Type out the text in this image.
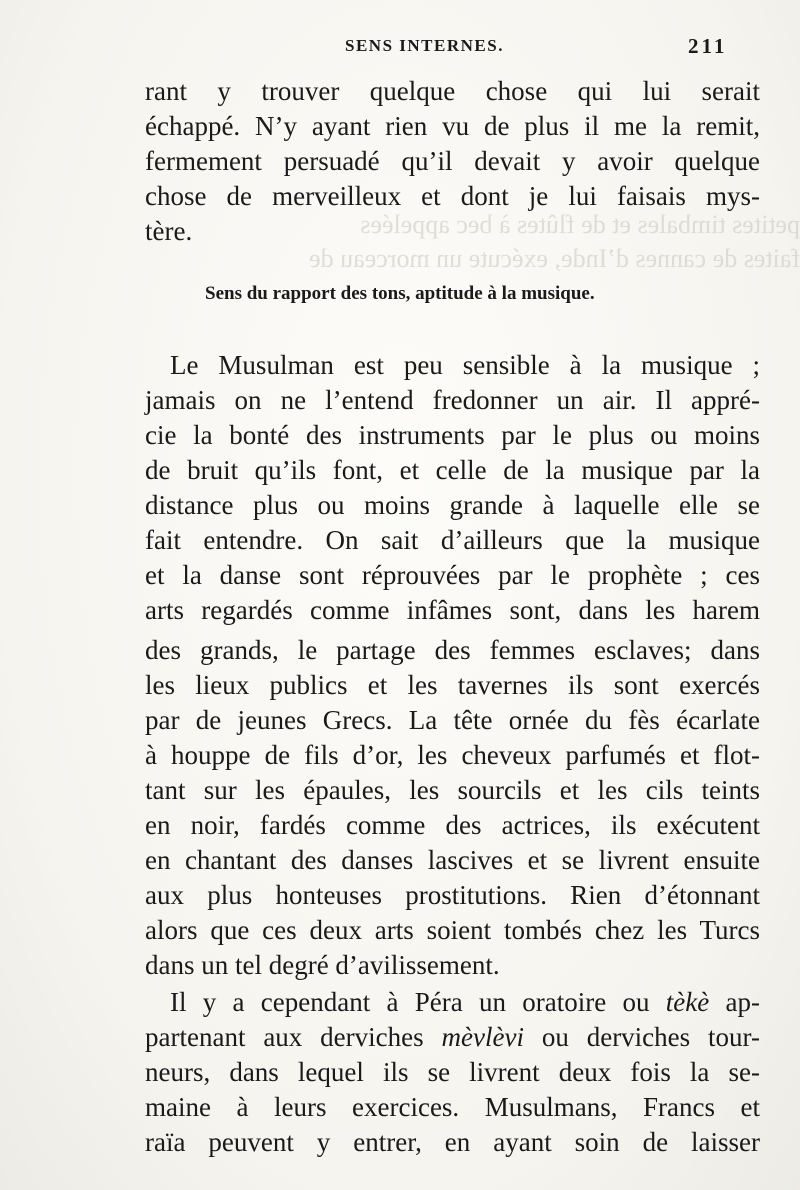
petites timbales et de flûtes à bec appelées
faites de cannes d’Inde, exécute un morceau de
SENS INTERNES.	211
rant y trouver quelque chose qui lui serait
échappé. N’y ayant rien vu de plus il me la remit,
fermement persuadé qu’il devait y avoir quelque
chose de merveilleux et dont je lui faisais mys-
tère.
Sens du rapport des tons, aptitude à la musique.
Le Musulman est peu sensible à la musique ;
jamais on ne l’entend fredonner un air. Il appré-
cie la bonté des instruments par le plus ou moins
de bruit qu’ils font, et celle de la musique par la
distance plus ou moins grande à laquelle elle se
fait entendre. On sait d’ailleurs que la musique
et la danse sont réprouvées par le prophète ; ces
arts regardés comme infâmes sont, dans les harem
des grands, le partage des femmes esclaves; dans
les lieux publics et les tavernes ils sont exercés
par de jeunes Grecs. La tête ornée du fès écarlate
à houppe de fils d’or, les cheveux parfumés et flot-
tant sur les épaules, les sourcils et les cils teints
en noir, fardés comme des actrices, ils exécutent
en chantant des danses lascives et se livrent ensuite
aux plus honteuses prostitutions. Rien d’étonnant
alors que ces deux arts soient tombés chez les Turcs
dans un tel degré d’avilissement.
Il y a cependant à Péra un oratoire ou tèkè ap-
partenant aux derviches mèvlèvi ou derviches tour-
neurs, dans lequel ils se livrent deux fois la se-
maine à leurs exercices. Musulmans, Francs et
raïa peuvent y entrer, en ayant soin de laisser
